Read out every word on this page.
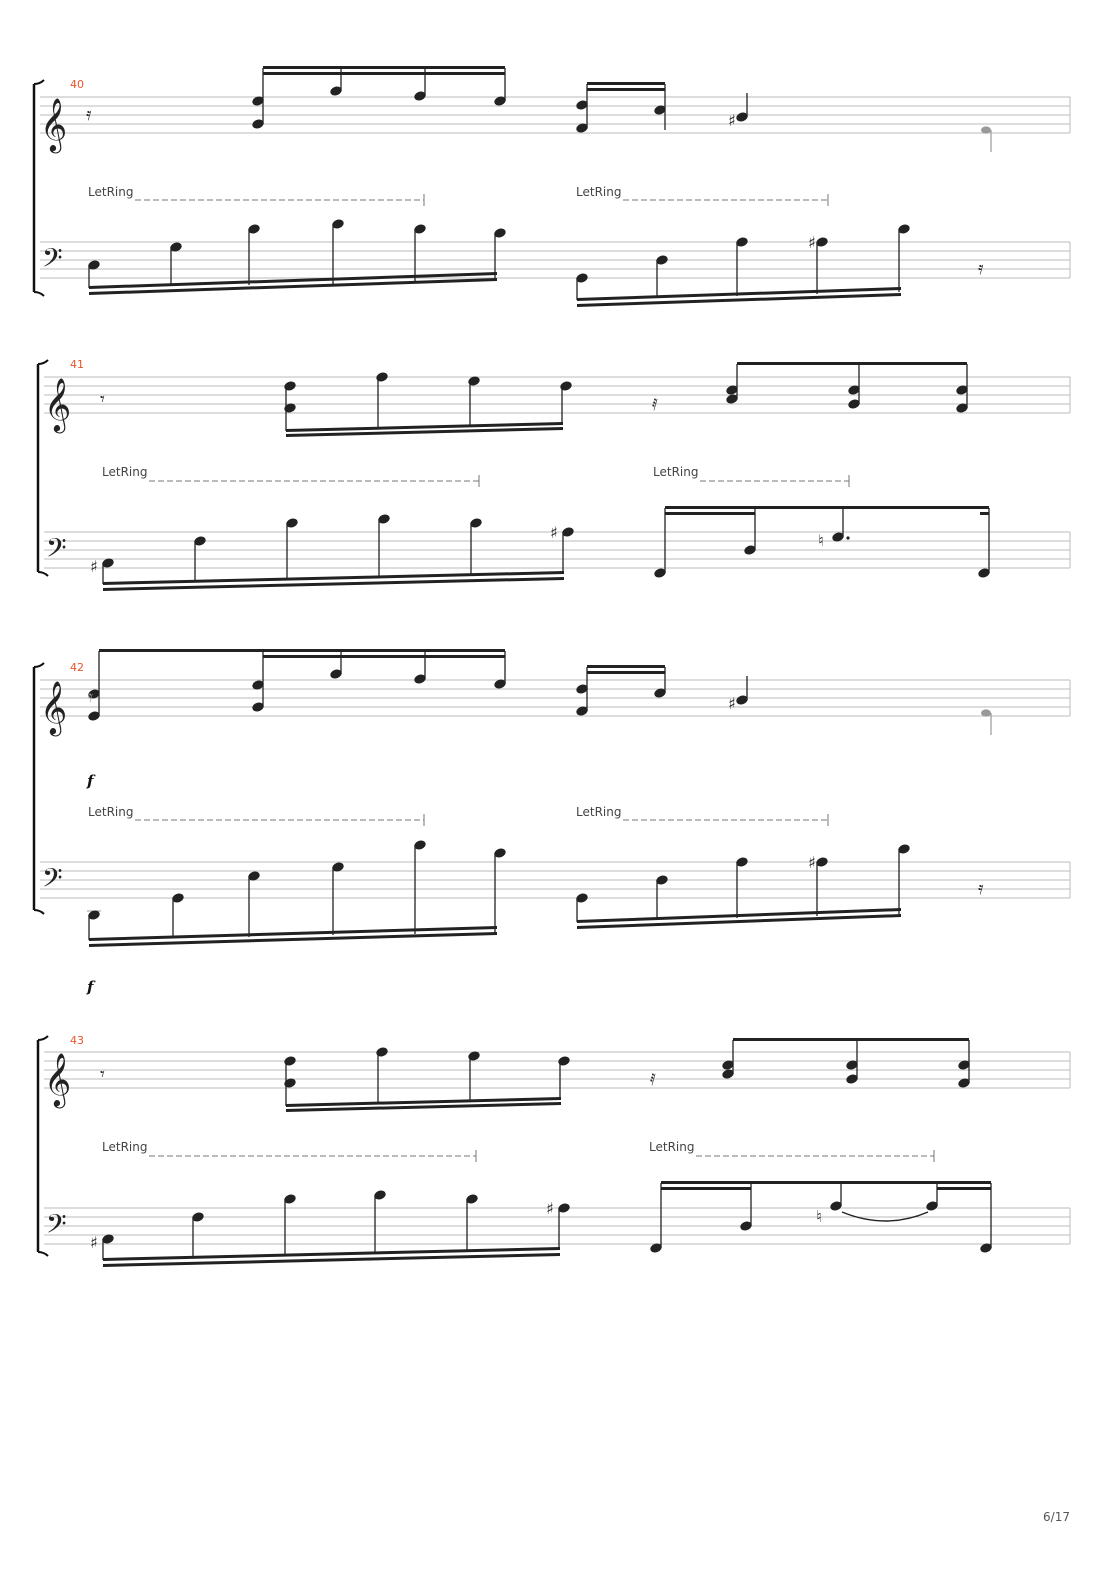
40
𝄞 𝄿	♯
LetRing	LetRing
𝄢	♯
𝄿
41
𝄞 𝄾	𝅀
LetRing	LetRing
𝄢 ♯
♯	♮
42
𝄞 𝄿	♯
f
LetRing	LetRing
𝄢	♯
𝄿
f
43
𝄞 𝄾	𝅀
LetRing	LetRing
𝄢 ♯
♯	♮
6/17
